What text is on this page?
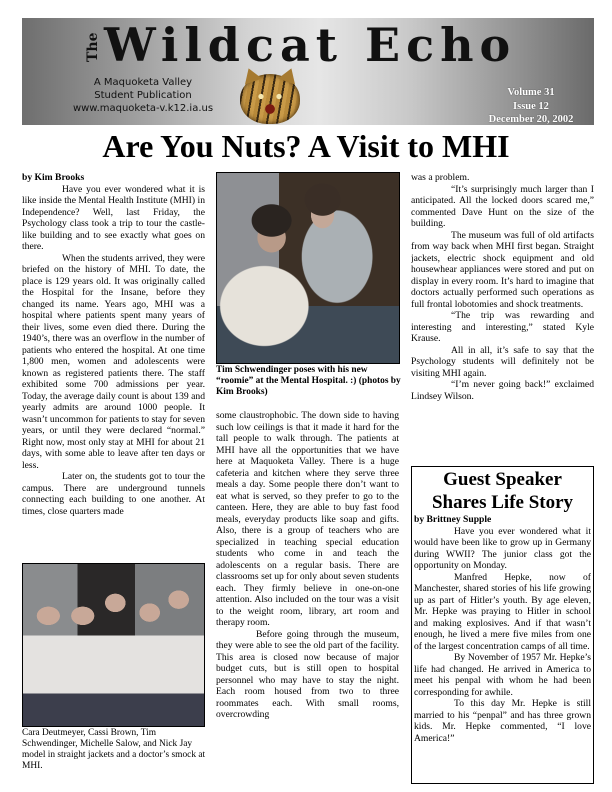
The Wildcat Echo
A Maquoketa Valley
Student Publication
www.maquoketa-v.k12.ia.us
Volume 31
Issue 12
December 20, 2002
Are You Nuts? A Visit to MHI

by Kim Brooks

Have you ever wondered what it is like inside the Mental Health Institute (MHI) in Independence? Well, last Friday, the Psychology class took a trip to tour the castle-like building and to see exactly what goes on there.

When the students arrived, they were briefed on the history of MHI. To date, the place is 129 years old. It was originally called the Hospital for the Insane, before they changed its name. Years ago, MHI was a hospital where patients spent many years of their lives, some even died there. During the 1940’s, there was an overflow in the number of patients who entered the hospital. At one time 1,800 men, women and adolescents were known as registered patients there. The staff exhibited some 700 admissions per year. Today, the average daily count is about 139 and yearly admits are around 1000 people. It wasn’t uncommon for patients to stay for seven years, or until they were declared “normal.” Right now, most only stay at MHI for about 21 days, with some able to leave after ten days or less.

Later on, the students got to tour the campus. There are underground tunnels connecting each building to one another. At times, close quarters made

Cara Deutmeyer, Cassi Brown, Tim Schwendinger, Michelle Salow, and Nick Jay model in straight jackets and a doctor’s smock at MHI.
Tim Schwendinger poses with his new “roomie” at the Mental Hospital. :) (photos by Kim Brooks)

some claustrophobic. The down side to having such low ceilings is that it made it hard for the tall people to walk through. The patients at MHI have all the opportunities that we have here at Maquoketa Valley. There is a huge cafeteria and kitchen where they serve three meals a day. Some people there don’t want to eat what is served, so they prefer to go to the canteen. Here, they are able to buy fast food meals, everyday products like soap and gifts. Also, there is a group of teachers who are specialized in teaching special education students who come in and teach the adolescents on a regular basis. There are classrooms set up for only about seven students each. They firmly believe in one-on-one attention. Also included on the tour was a visit to the weight room, library, art room and therapy room.

Before going through the museum, they were able to see the old part of the facility. This area is closed now because of major budget cuts, but is still open to hospital personnel who may have to stay the night. Each room housed from two to three roommates each. With small rooms, overcrowding

was a problem.

“It’s surprisingly much larger than I anticipated. All the locked doors scared me,” commented Dave Hunt on the size of the building.

The museum was full of old artifacts from way back when MHI first began. Straight jackets, electric shock equipment and old housewhear appliances were stored and put on display in every room. It’s hard to imagine that doctors actually performed such operations as full frontal lobotomies and shock treatments.

“The trip was rewarding and interesting and interesting,” stated Kyle Krause.

All in all, it’s safe to say that the Psychology students will definitely not be visiting MHI again.

“I’m never going back!” exclaimed Lindsey Wilson.

Guest Speaker
Shares Life Story

by Brittney Supple

Have you ever wondered what it would have been like to grow up in Germany during WWII? The junior class got the opportunity on Monday.

Manfred Hepke, now of Manchester, shared stories of his life growing up as part of Hitler’s youth. By age eleven, Mr. Hepke was praying to Hitler in school and making explosives. And if that wasn’t enough, he lived a mere five miles from one of the largest concentration camps of all time.

By November of 1957 Mr. Hepke’s life had changed. He arrived in America to meet his penpal with whom he had been corresponding for awhile.

To this day Mr. Hepke is still married to his “penpal” and has three grown kids. Mr. Hepke commented, “I love America!”
